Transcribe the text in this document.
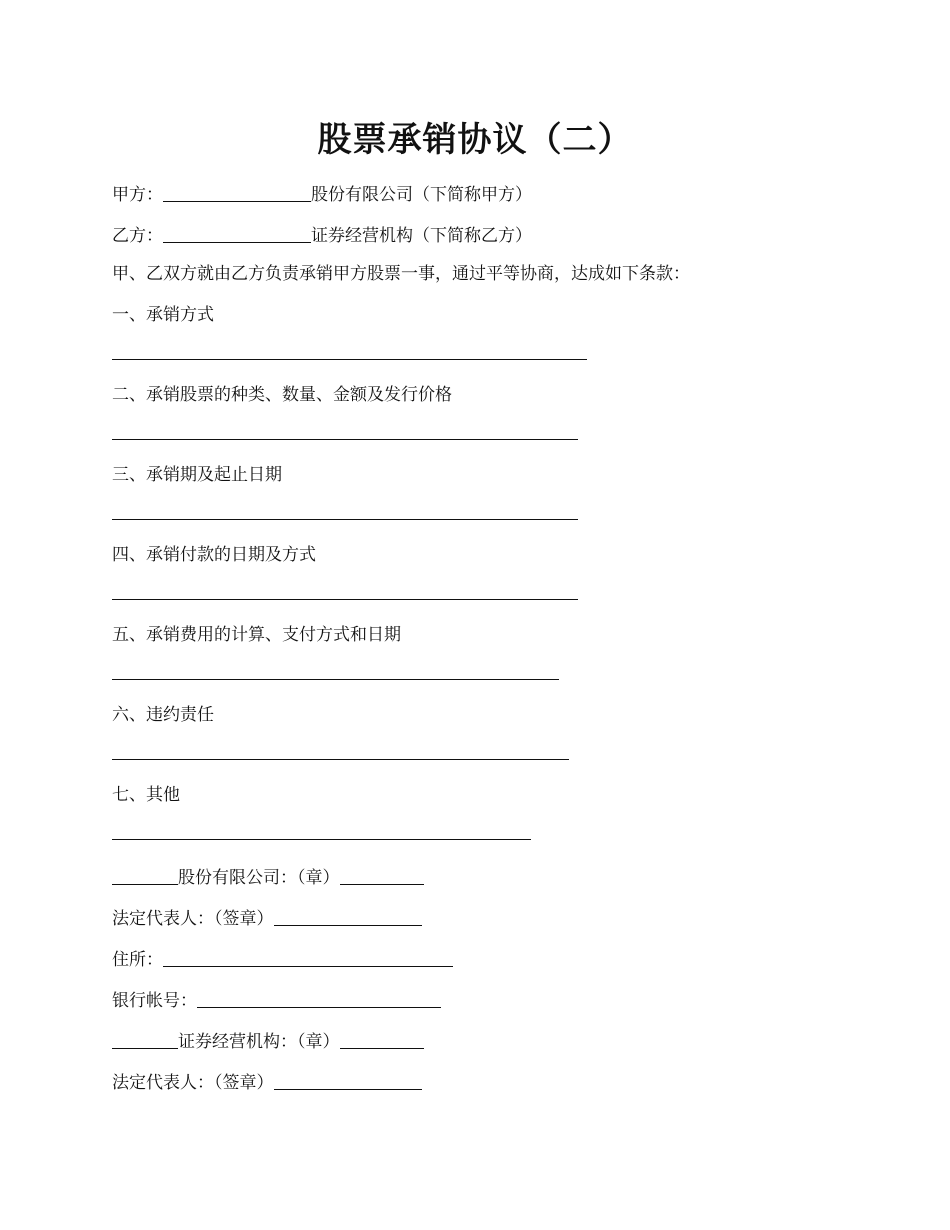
股票承销协议（二）
甲方：	股份有限公司（下简称甲方）
乙方：	证券经营机构（下简称乙方）
甲、乙双方就由乙方负责承销甲方股票一事，通过平等协商，达成如下条款：
一、承销方式
二、承销股票的种类、数量、金额及发行价格
三、承销期及起止日期
四、承销付款的日期及方式
五、承销费用的计算、支付方式和日期
六、违约责任
七、其他
股份有限公司：（章）
法定代表人：（签章）
住所：
银行帐号：
证券经营机构：（章）
法定代表人：（签章）
